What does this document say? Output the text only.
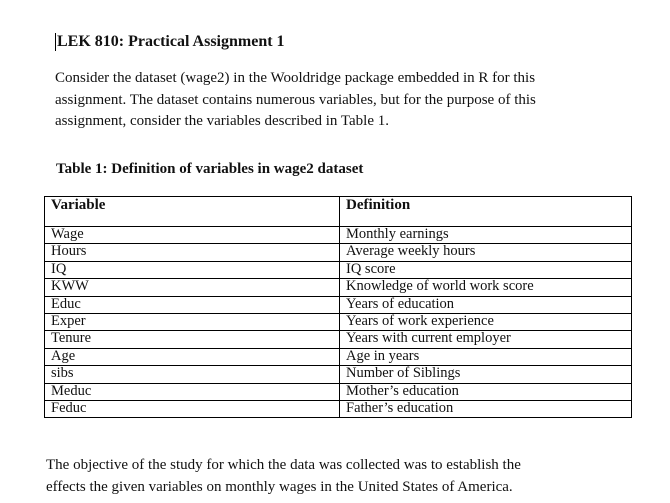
LEK 810: Practical Assignment 1
Consider the dataset (wage2) in the Wooldridge package embedded in R for this
assignment. The dataset contains numerous variables, but for the purpose of this
assignment, consider the variables described in Table 1.
Table 1: Definition of variables in wage2 dataset
Variable	Definition
Wage	Monthly earnings
Hours	Average weekly hours
IQ	IQ score
KWW	Knowledge of world work score
Educ	Years of education
Exper	Years of work experience
Tenure	Years with current employer
Age	Age in years
sibs	Number of Siblings
Meduc	Mother’s education
Feduc	Father’s education
The objective of the study for which the data was collected was to establish the
effects the given variables on monthly wages in the United States of America.
